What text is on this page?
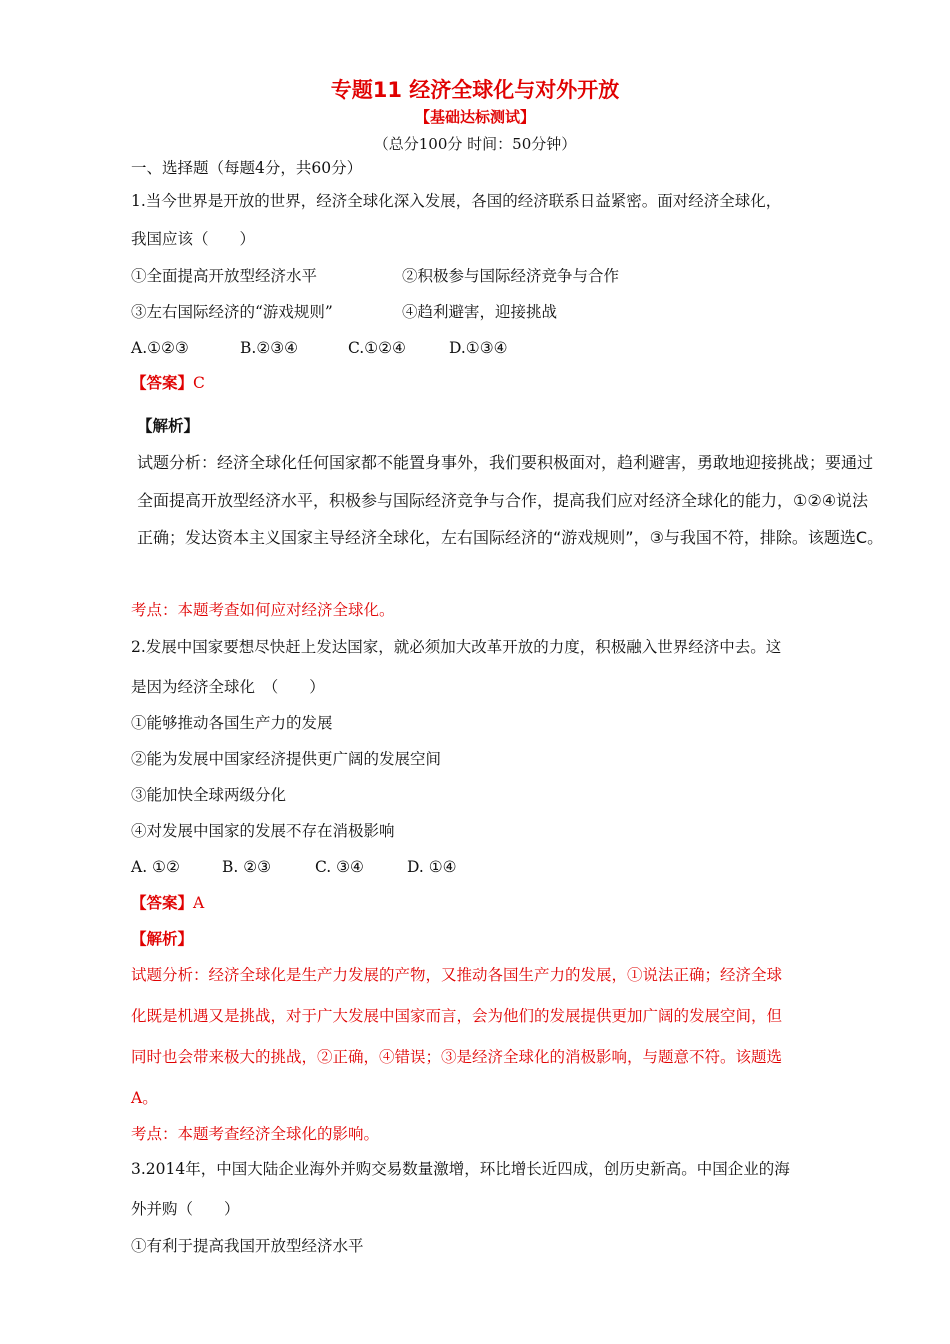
专题11 经济全球化与对外开放
【基础达标测试】
（总分100分 时间：50分钟）
一、选择题（每题4分，共60分）
1.当今世界是开放的世界，经济全球化深入发展，各国的经济联系日益紧密。面对经济全球化，
我国应该（　　）
①全面提高开放型经济水平	②积极参与国际经济竞争与合作
③左右国际经济的“游戏规则”	④趋利避害，迎接挑战
A.①②③	B.②③④	C.①②④	D.①③④
【答案】C
【解析】
试题分析：经济全球化任何国家都不能置身事外，我们要积极面对，趋利避害，勇敢地迎接挑战；要通过
全面提高开放型经济水平，积极参与国际经济竞争与合作，提高我们应对经济全球化的能力，①②④说法
正确；发达资本主义国家主导经济全球化，左右国际经济的“游戏规则”，③与我国不符，排除。该题选C。
考点：本题考查如何应对经济全球化。
2.发展中国家要想尽快赶上发达国家，就必须加大改革开放的力度，积极融入世界经济中去。这
是因为经济全球化　（　　）
①能够推动各国生产力的发展
②能为发展中国家经济提供更广阔的发展空间
③能加快全球两级分化
④对发展中国家的发展不存在消极影响
A. ①②	B. ②③	C. ③④	D. ①④
【答案】A
【解析】
试题分析：经济全球化是生产力发展的产物，又推动各国生产力的发展，①说法正确；经济全球
化既是机遇又是挑战，对于广大发展中国家而言，会为他们的发展提供更加广阔的发展空间，但
同时也会带来极大的挑战，②正确，④错误；③是经济全球化的消极影响，与题意不符。该题选
A。
考点：本题考查经济全球化的影响。
3.2014年，中国大陆企业海外并购交易数量激增，环比增长近四成，创历史新高。中国企业的海
外并购（　　）
①有利于提高我国开放型经济水平
